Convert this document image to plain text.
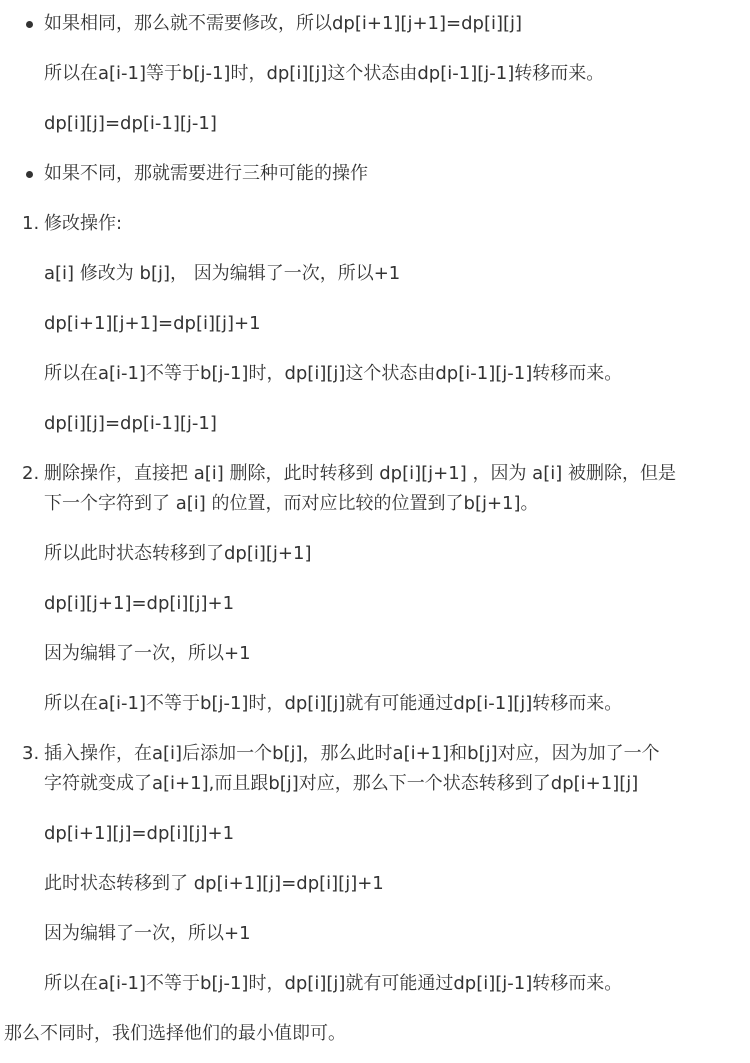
如果相同，那么就不需要修改，所以dp[i+1][j+1]=dp[i][j]
所以在a[i-1]等于b[j-1]时，dp[i][j]这个状态由dp[i-1][j-1]转移而来。
dp[i][j]=dp[i-1][j-1]
如果不同，那就需要进行三种可能的操作
1. 修改操作:
a[i] 修改为 b[j]， 因为编辑了一次，所以+1
dp[i+1][j+1]=dp[i][j]+1
所以在a[i-1]不等于b[j-1]时，dp[i][j]这个状态由dp[i-1][j-1]转移而来。
dp[i][j]=dp[i-1][j-1]
2. 删除操作，直接把 a[i] 删除，此时转移到 dp[i][j+1] ，因为 a[i] 被删除，但是
下一个字符到了 a[i] 的位置，而对应比较的位置到了b[j+1]。
所以此时状态转移到了dp[i][j+1]
dp[i][j+1]=dp[i][j]+1
因为编辑了一次，所以+1
所以在a[i-1]不等于b[j-1]时，dp[i][j]就有可能通过dp[i-1][j]转移而来。
3. 插入操作，在a[i]后添加一个b[j]，那么此时a[i+1]和b[j]对应，因为加了一个
字符就变成了a[i+1],而且跟b[j]对应，那么下一个状态转移到了dp[i+1][j]
dp[i+1][j]=dp[i][j]+1
此时状态转移到了 dp[i+1][j]=dp[i][j]+1
因为编辑了一次，所以+1
所以在a[i-1]不等于b[j-1]时，dp[i][j]就有可能通过dp[i][j-1]转移而来。
那么不同时，我们选择他们的最小值即可。
